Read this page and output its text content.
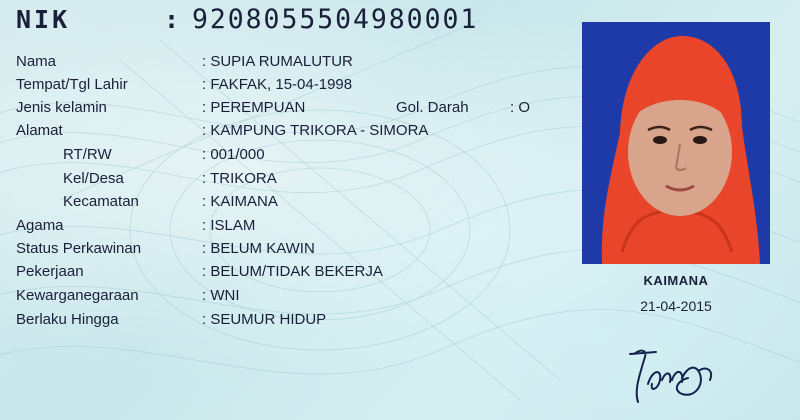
NIK	: 9208055504980001
Nama	: SUPIA RUMALUTUR
Tempat/Tgl Lahir	: FAKFAK, 15-04-1998
Jenis kelamin	: PEREMPUAN	Gol. Darah	: O
Alamat	: KAMPUNG TRIKORA - SIMORA
RT/RW	: 001/000
Kel/Desa	: TRIKORA
Kecamatan	: KAIMANA
Agama	: ISLAM
Status Perkawinan	: BELUM KAWIN
Pekerjaan	: BELUM/TIDAK BEKERJA
Kewarganegaraan	: WNI
Berlaku Hingga	: SEUMUR HIDUP
KAIMANA
21-04-2015
